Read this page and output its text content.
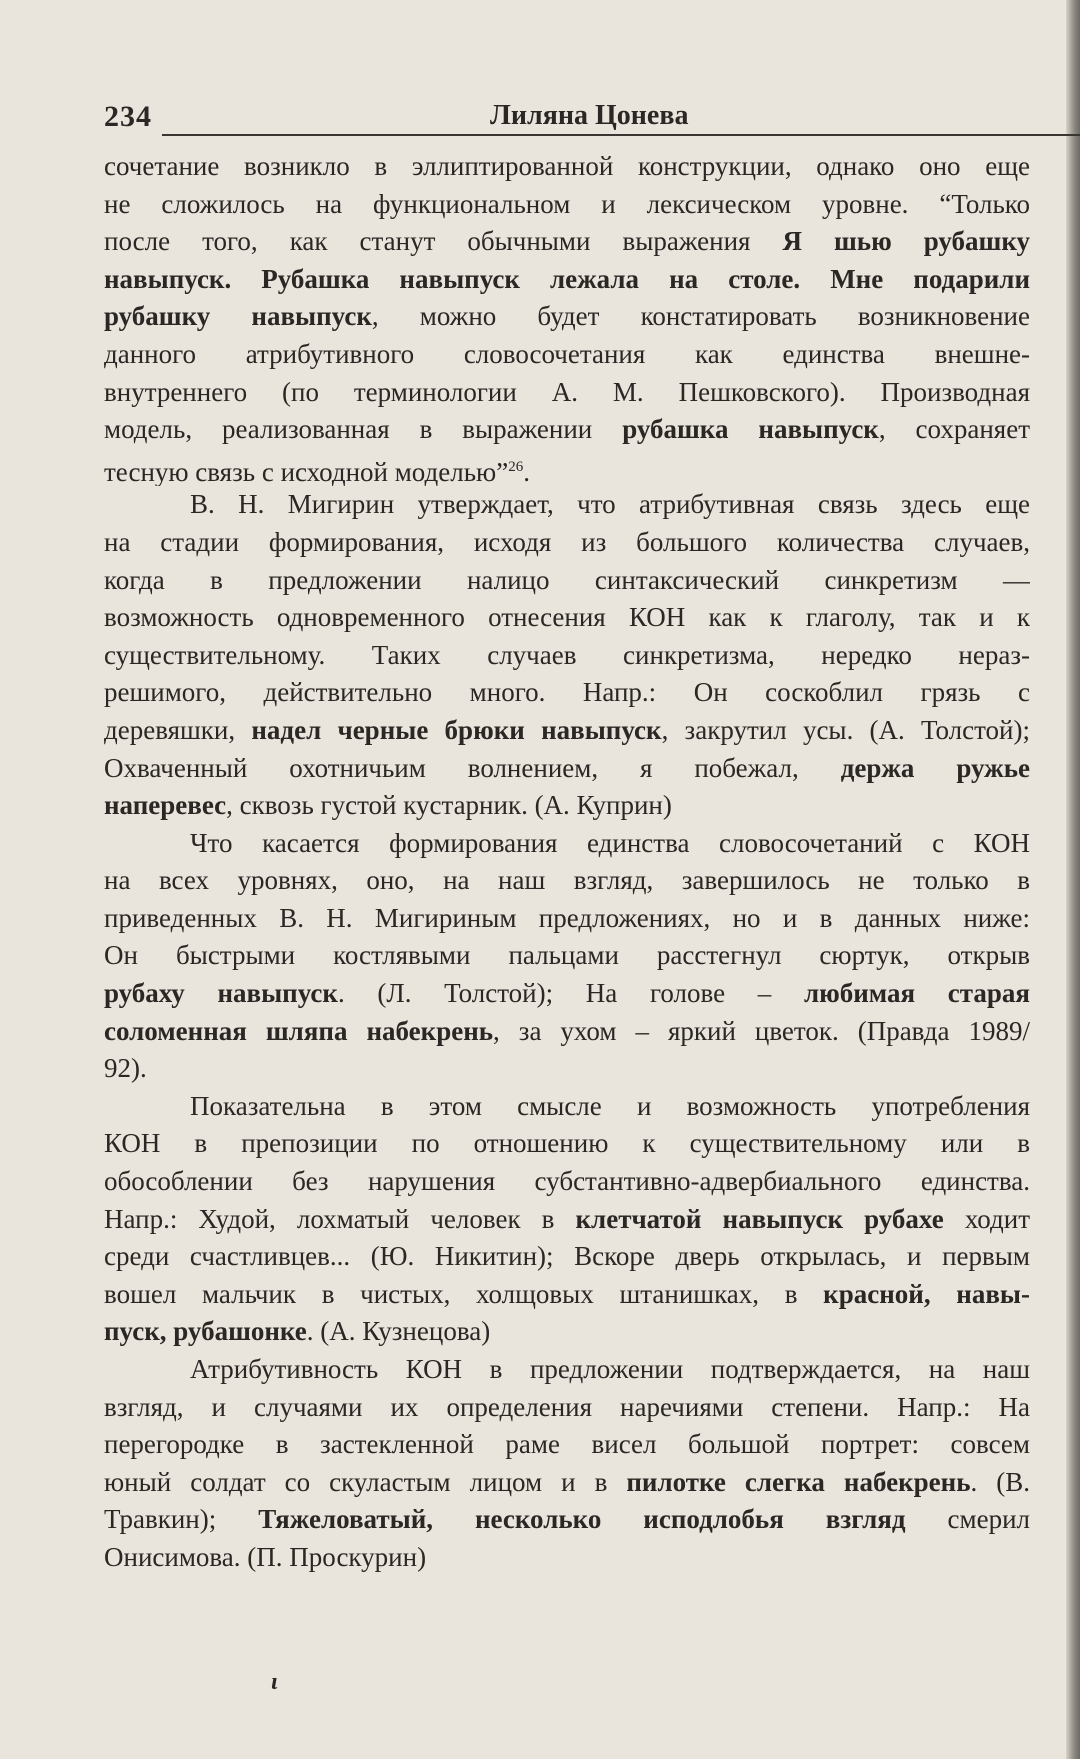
234	Лиляна Цонева
сочетание возникло в эллиптированной конструкции, однако оно еще
не сложилось на функциональном и лексическом уровне. “Только
после того, как станут обычными выражения Я шью рубашку
навыпуск. Рубашка навыпуск лежала на столе. Мне подарили
рубашку навыпуск, можно будет констатировать возникновение
данного атрибутивного словосочетания как единства внешне-
внутреннего (по терминологии А. М. Пешковского). Производная
модель, реализованная в выражении рубашка навыпуск, сохраняет
тесную связь с исходной моделью”$^{26}$.
В. Н. Мигирин утверждает, что атрибутивная связь здесь еще
на стадии формирования, исходя из большого количества случаев,
когда в предложении налицо синтаксический синкретизм —
возможность одновременного отнесения КОН как к глаголу, так и к
существительному. Таких случаев синкретизма, нередко нераз-
решимого, действительно много. Напр.: Он соскоблил грязь с
деревяшки, надел черные брюки навыпуск, закрутил усы. (А. Толстой);
Охваченный охотничьим волнением, я побежал, держа ружье
наперевес, сквозь густой кустарник. (А. Куприн)
Что касается формирования единства словосочетаний с КОН
на всех уровнях, оно, на наш взгляд, завершилось не только в
приведенных В. Н. Мигириным предложениях, но и в данных ниже:
Он быстрыми костлявыми пальцами расстегнул сюртук, открыв
рубаху навыпуск. (Л. Толстой); На голове – любимая старая
соломенная шляпа набекрень, за ухом – яркий цветок. (Правда 1989/
92).
Показательна в этом смысле и возможность употребления
КОН в препозиции по отношению к существительному или в
обособлении без нарушения субстантивно-адвербиального единства.
Напр.: Худой, лохматый человек в клетчатой навыпуск рубахе ходит
среди счастливцев... (Ю. Никитин); Вскоре дверь открылась, и первым
вошел мальчик в чистых, холщовых штанишках, в красной, навы-
пуск, рубашонке. (А. Кузнецова)
Атрибутивность КОН в предложении подтверждается, на наш
взгляд, и случаями их определения наречиями степени. Напр.: На
перегородке в застекленной раме висел большой портрет: совсем
юный солдат со скуластым лицом и в пилотке слегка набекрень. (В.
Травкин); Тяжеловатый, несколько исподлобья взгляд смерил
Онисимова. (П. Проскурин)
ι
